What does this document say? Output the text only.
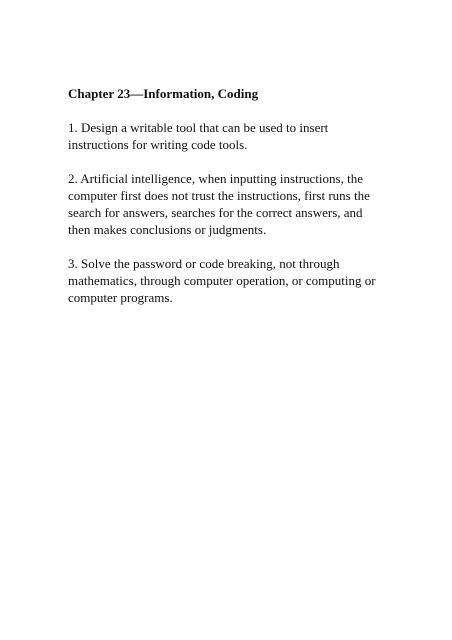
Chapter 23—Information, Coding

1. Design a writable tool that can be used to insert instructions for writing code tools.

2. Artificial intelligence, when inputting instructions, the computer first does not trust the instructions, first runs the search for answers, searches for the correct answers, and then makes conclusions or judgments.

3. Solve the password or code breaking, not through mathematics, through computer operation, or computing or computer programs.
